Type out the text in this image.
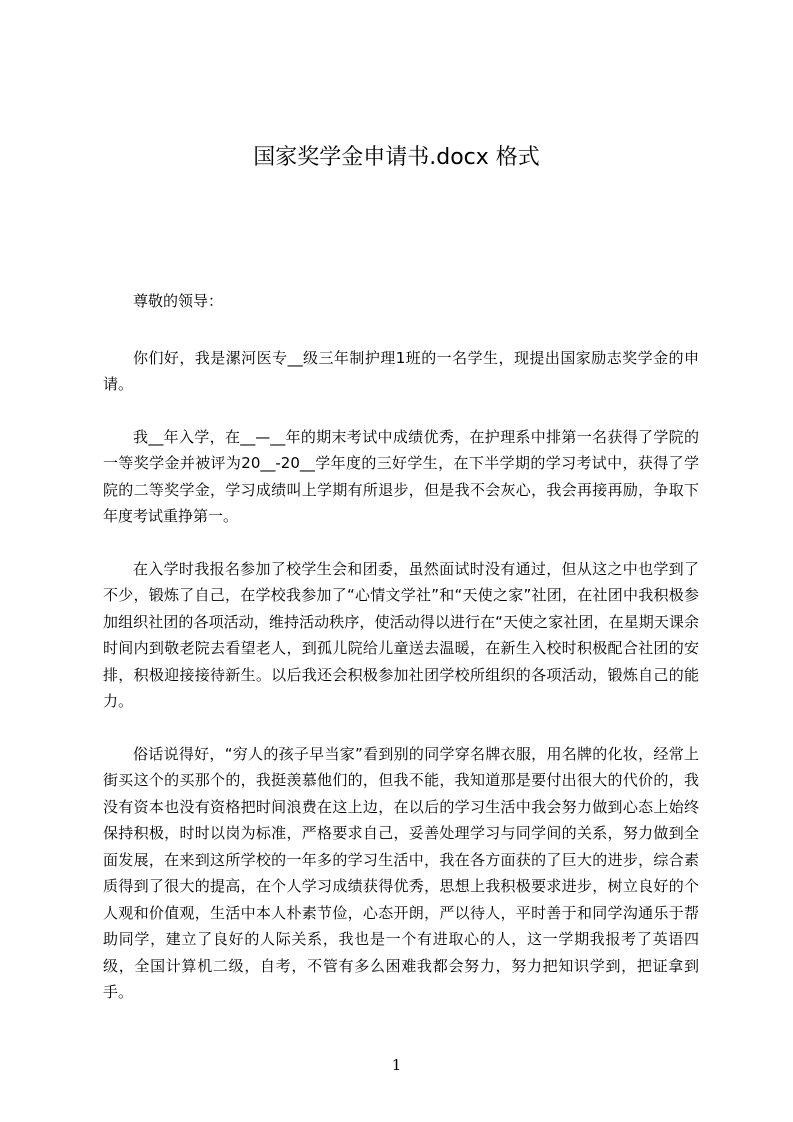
国家奖学金申请书.docx 格式

尊敬的领导：

你们好，我是漯河医专__级三年制护理1班的一名学生，现提出国家励志奖学金的申请。

我__年入学，在__—__年的期末考试中成绩优秀，在护理系中排第一名获得了学院的一等奖学金并被评为20__-20__学年度的三好学生，在下半学期的学习考试中，获得了学院的二等奖学金，学习成绩叫上学期有所退步，但是我不会灰心，我会再接再励，争取下年度考试重挣第一。

在入学时我报名参加了校学生会和团委，虽然面试时没有通过，但从这之中也学到了不少，锻炼了自己，在学校我参加了“心情文学社”和“天使之家”社团，在社团中我积极参加组织社团的各项活动，维持活动秩序，使活动得以进行在“天使之家社团，在星期天课余时间内到敬老院去看望老人，到孤儿院给儿童送去温暖，在新生入校时积极配合社团的安排，积极迎接接待新生。以后我还会积极参加社团学校所组织的各项活动，锻炼自己的能力。

俗话说得好，“穷人的孩子早当家”看到别的同学穿名牌衣服，用名牌的化妆，经常上街买这个的买那个的，我挺羡慕他们的，但我不能，我知道那是要付出很大的代价的，我没有资本也没有资格把时间浪费在这上边，在以后的学习生活中我会努力做到心态上始终保持积极，时时以岗为标准，严格要求自己，妥善处理学习与同学间的关系，努力做到全面发展，在来到这所学校的一年多的学习生活中，我在各方面获的了巨大的进步，综合素质得到了很大的提高，在个人学习成绩获得优秀，思想上我积极要求进步，树立良好的个人观和价值观，生活中本人朴素节俭，心态开朗，严以待人，平时善于和同学沟通乐于帮助同学，建立了良好的人际关系，我也是一个有进取心的人，这一学期我报考了英语四级，全国计算机二级，自考，不管有多么困难我都会努力，努力把知识学到，把证拿到手。

1
